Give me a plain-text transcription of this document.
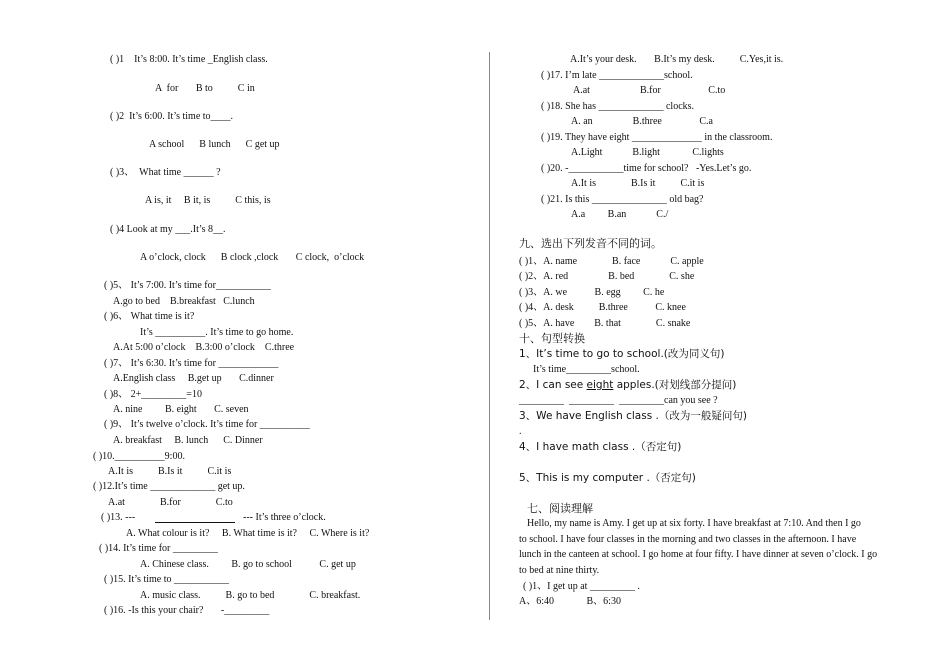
( )1    It’s 8:00. It’s time _English class.
A  for       B to          C in
( )2  It’s 6:00. It’s time to____.
A school      B lunch      C get up
( )3、  What time ______ ?
A is, it     B it, is          C this, is
( )4 Look at my ___.It’s 8__.
A o’clock, clock      B clock ,clock       C clock,  o’clock
( )5、 It’s 7:00. It’s time for___________
A.go to bed    B.breakfast   C.lunch
( )6、 What time is it?
It’s __________. It’s time to go home.
A.At 5:00 o’clock    B.3:00 o’clock    C.three
( )7、 It’s 6:30. It’s time for ____________
A.English class     B.get up       C.dinner
( )8、 2+_________=10
A. nine         B. eight       C. seven
( )9、 It’s twelve o’clock. It’s time for __________
A. breakfast     B. lunch      C. Dinner
( )10.__________9:00.
A.It is          B.Is it          C.it is
( )12.It’s time _____________ get up.
A.at              B.for              C.to
( )13. ---	--- It’s three o’clock.
A. What colour is it?     B. What time is it?     C. Where is it?
( )14. It’s time for _________
A. Chinese class.         B. go to school           C. get up
( )15. It’s time to ___________
A. music class.          B. go to bed              C. breakfast.
( )16. -Is this your chair?       -_________
A.It’s your desk.       B.It’s my desk.          C.Yes,it is.
( )17. I’m late _____________school.
A.at                    B.for                   C.to
( )18. She has _____________ clocks.
A. an                B.three               C.a
( )19. They have eight ______________ in the classroom.
A.Light            B.light             C.lights
( )20. -___________time for school?   -Yes.Let’s go.
A.It is              B.Is it          C.it is
( )21. Is this _______________ old bag?
A.a         B.an            C./
九、选出下列发音不同的词。
( )1、A. name              B. face            C. apple
( )2、A. red                B. bed              C. she
( )3、A. we           B. egg         C. he
( )4、A. desk          B.three           C. knee
( )5、A. have        B. that              C. snake
十、句型转换
1、It’s time to go to school.(改为同义句)
It’s time_________school.
2、I can see eight apples.(对划线部分提问)
_________  _________  _________can you see ?
3、We have English class .（改为一般疑问句)
.
4、I have math class .（否定句)
5、This is my computer .（否定句)
七、阅读理解
Hello, my name is Amy. I get up at six forty. I have breakfast at 7:10. And then I go
to school. I have four classes in the morning and two classes in the afternoon. I have
lunch in the canteen at school. I go home at four fifty. I have dinner at seven o’clock. I go
to bed at nine thirty.
( )1、I get up at _________ .
A、6:40             B、6:30
